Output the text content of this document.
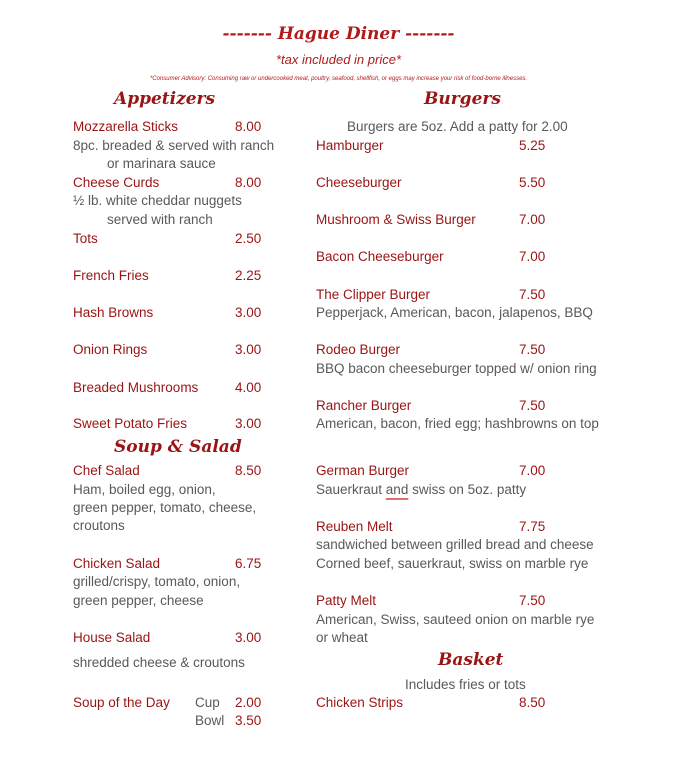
------- Hague Diner -------
*tax included in price*
*Consumer Advisory: Consuming raw or undercooked meat, poultry, seafood, shellfish, or eggs may increase your risk of food-borne illnesses.
Appetizers
Mozzarella Sticks	8.00
8pc. breaded & served with ranch
or marinara sauce
Cheese Curds	8.00
½ lb. white cheddar nuggets
served with ranch
Tots	2.50
French Fries	2.25
Hash Browns	3.00
Onion Rings	3.00
Breaded Mushrooms	4.00
Sweet Potato Fries	3.00
Soup & Salad
Chef Salad	8.50
Ham, boiled egg, onion,
green pepper, tomato, cheese,
croutons
Chicken Salad	6.75
grilled/crispy, tomato, onion,
green pepper, cheese
House Salad	3.00
shredded cheese & croutons
Soup of the Day Cup 2.00
Bowl 3.50
Burgers
Burgers are 5oz. Add a patty for 2.00
Hamburger	5.25
Cheeseburger	5.50
Mushroom & Swiss Burger	7.00
Bacon Cheeseburger	7.00
The Clipper Burger	7.50
Pepperjack, American, bacon, jalapenos, BBQ
Rodeo Burger	7.50
BBQ bacon cheeseburger topped w/ onion ring
Rancher Burger	7.50
American, bacon, fried egg; hashbrowns on top
German Burger	7.00
Sauerkraut and swiss on 5oz. patty
Reuben Melt	7.75
sandwiched between grilled bread and cheese
Corned beef, sauerkraut, swiss on marble rye
Patty Melt	7.50
American, Swiss, sauteed onion on marble rye
or wheat
Basket
Includes fries or tots
Chicken Strips	8.50
